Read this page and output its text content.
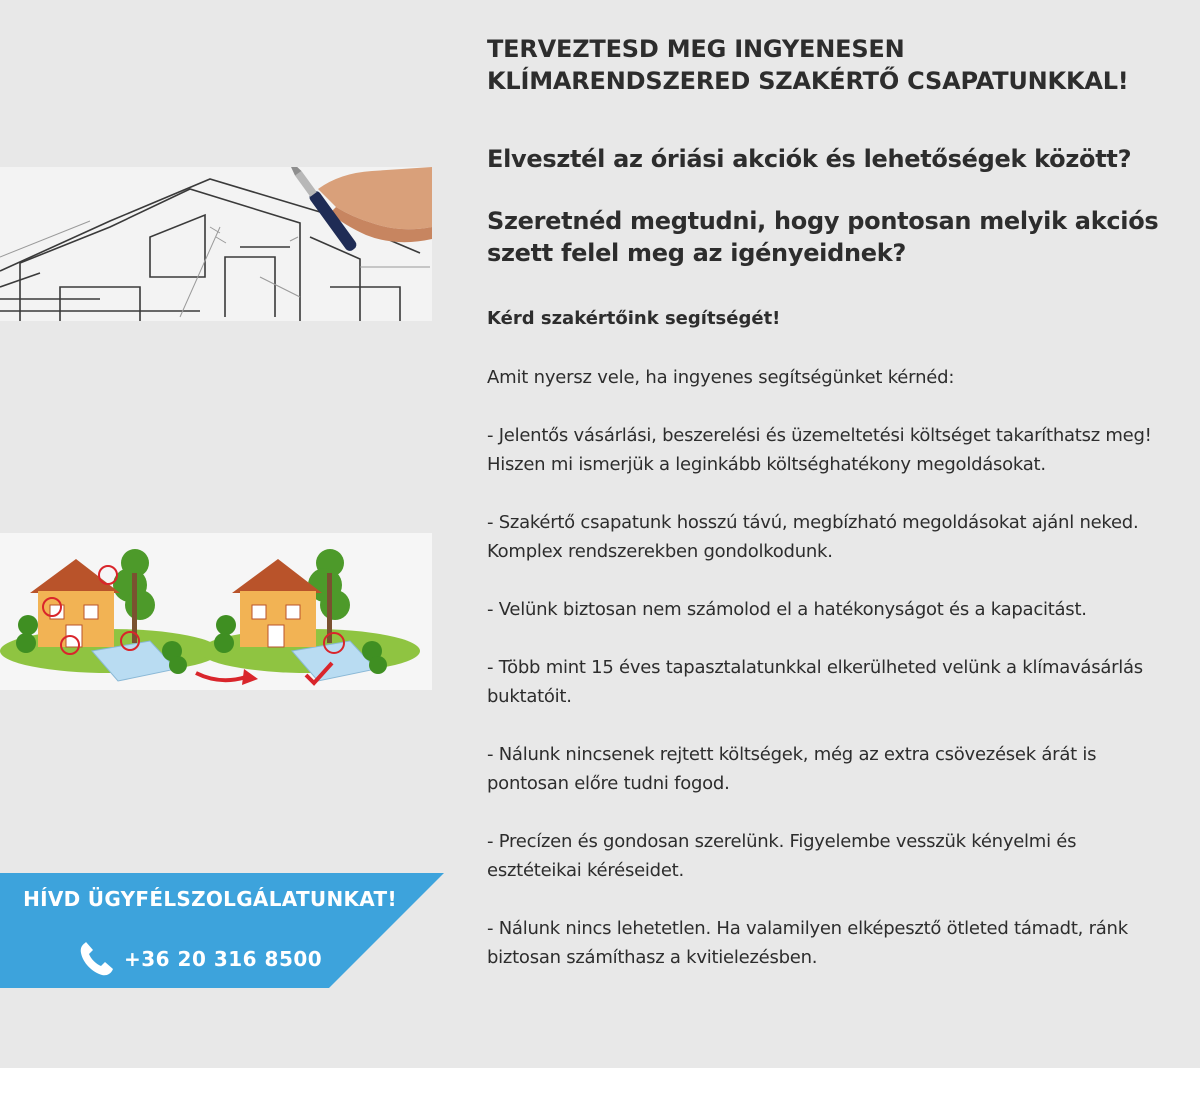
HÍVD ÜGYFÉLSZOLGÁLATUNKAT!
+36 20 316 8500
TERVEZTESD MEG INGYENESEN KLÍMARENDSZERED SZAKÉRTŐ CSAPATUNKKAL!
Elvesztél az óriási akciók és lehetőségek között?
Szeretnéd megtudni, hogy pontosan melyik akciós szett felel meg az igényeidnek?

Kérd szakértőink segítségét!

Amit nyersz vele, ha ingyenes segítségünket kérnéd:

- Jelentős vásárlási, beszerelési és üzemeltetési költséget takaríthatsz meg! Hiszen mi ismerjük a leginkább költséghatékony megoldásokat.
- Szakértő csapatunk hosszú távú, megbízható megoldásokat ajánl neked. Komplex rendszerekben gondolkodunk.
- Velünk biztosan nem számolod el a hatékonyságot és a kapacitást.
- Több mint 15 éves tapasztalatunkkal elkerülheted velünk a klímavásárlás buktatóit.
- Nálunk nincsenek rejtett költségek, még az extra csövezések árát is pontosan előre tudni fogod.
- Precízen és gondosan szerelünk. Figyelembe vesszük kényelmi és esztéteikai kéréseidet.
- Nálunk nincs lehetetlen. Ha valamilyen elképesztő ötleted támadt, ránk biztosan számíthasz a kvitielezésben.
